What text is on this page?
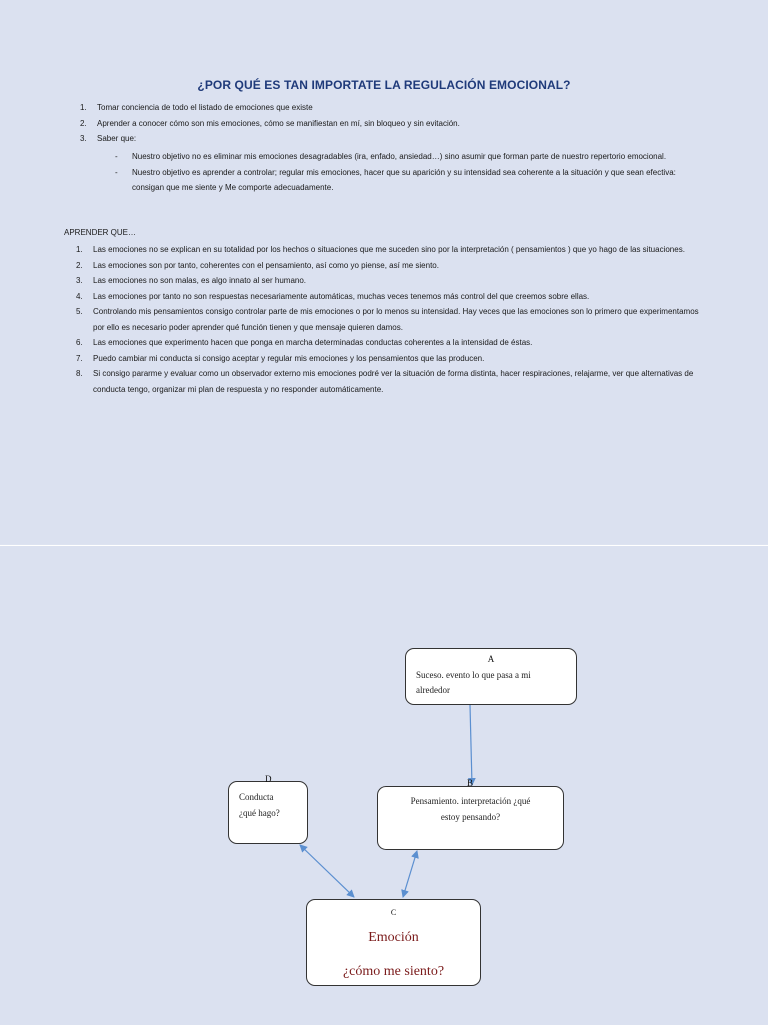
¿POR QUÉ ES TAN IMPORTATE LA REGULACIÓN EMOCIONAL?
1. Tomar conciencia de todo el listado de emociones que existe
2. Aprender a conocer cómo son mis emociones, cómo se manifiestan en mí, sin bloqueo y sin evitación.
3. Saber que:
- Nuestro objetivo no es eliminar mis emociones desagradables (ira, enfado, ansiedad…) sino asumir que forman parte de nuestro repertorio emocional.
- Nuestro objetivo es aprender a controlar; regular mis emociones, hacer que su aparición y su intensidad sea coherente a la situación y que sean efectiva: consigan que me siente y Me comporte adecuadamente.
APRENDER QUE…
1. Las emociones no se explican en su totalidad por los hechos o situaciones que me suceden sino por la interpretación ( pensamientos ) que yo hago de las situaciones.
2. Las emociones son por tanto, coherentes con el pensamiento, así como yo piense, así me siento.
3. Las emociones no son malas, es algo innato al ser humano.
4. Las emociones por tanto no son respuestas necesariamente automáticas, muchas veces tenemos más control del que creemos sobre ellas.
5. Controlando mis pensamientos consigo controlar parte de mis emociones o por lo menos su intensidad. Hay veces que las emociones son lo primero que experimentamos por ello es necesario poder aprender qué función tienen y que mensaje quieren damos.
6. Las emociones que experimento hacen que ponga en marcha determinadas conductas coherentes a la intensidad de éstas.
7. Puedo cambiar mi conducta si consigo aceptar y regular mis emociones y los pensamientos que las producen.
8. Si consigo pararme y evaluar como un observador externo mis emociones podré ver la situación de forma distinta, hacer respiraciones, relajarme, ver que alternativas de conducta tengo, organizar mi plan de respuesta y no responder automáticamente.
A
Suceso. evento lo que pasa a mi
alrededor
Pensamiento. interpretación ¿qué
estoy pensando?
B
Conducta
¿qué hago?
D
C
Emoción
¿cómo me siento?
